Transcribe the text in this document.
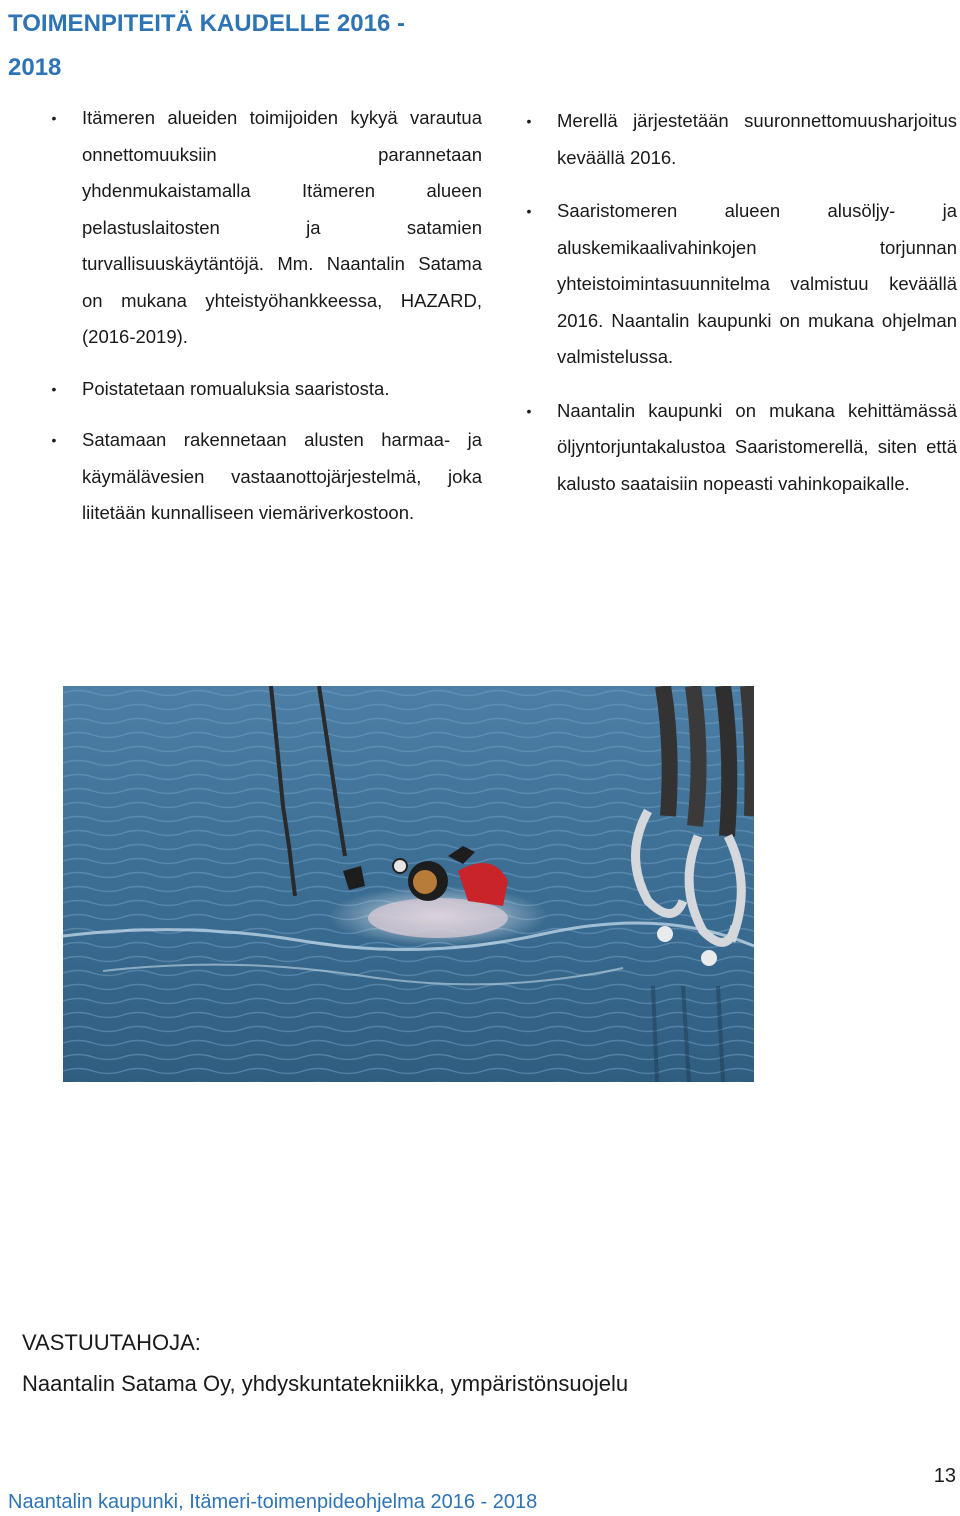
TOIMENPITEITÄ KAUDELLE 2016 -
2018
• Itämeren alueiden toimijoiden kykyä varautua onnettomuuksiin parannetaan yhdenmukaistamalla Itämeren alueen pelastuslaitosten ja satamien turvallisuuskäytäntöjä. Mm. Naantalin Satama on mukana yhteistyöhankkeessa, HAZARD, (2016-2019).
• Poistatetaan romualuksia saaristosta.
• Satamaan rakennetaan alusten harmaa- ja käymälävesien vastaanottojärjestelmä, joka liitetään kunnalliseen viemäriverkostoon.
• Merellä järjestetään suuronnettomuusharjoitus keväällä 2016.
• Saaristomeren alueen alusöljy- ja aluskemikaalivahinkojen torjunnan yhteistoimintasuunnitelma valmistuu keväällä 2016. Naantalin kaupunki on mukana ohjelman valmistelussa.
• Naantalin kaupunki on mukana kehittämässä öljyntorjuntakalustoa Saaristomerellä, siten että kalusto saataisiin nopeasti vahinkopaikalle.

VASTUUTAHOJA:

Naantalin Satama Oy, yhdyskuntatekniikka, ympäristönsuojelu

13
Naantalin kaupunki, Itämeri-toimenpideohjelma 2016 - 2018
